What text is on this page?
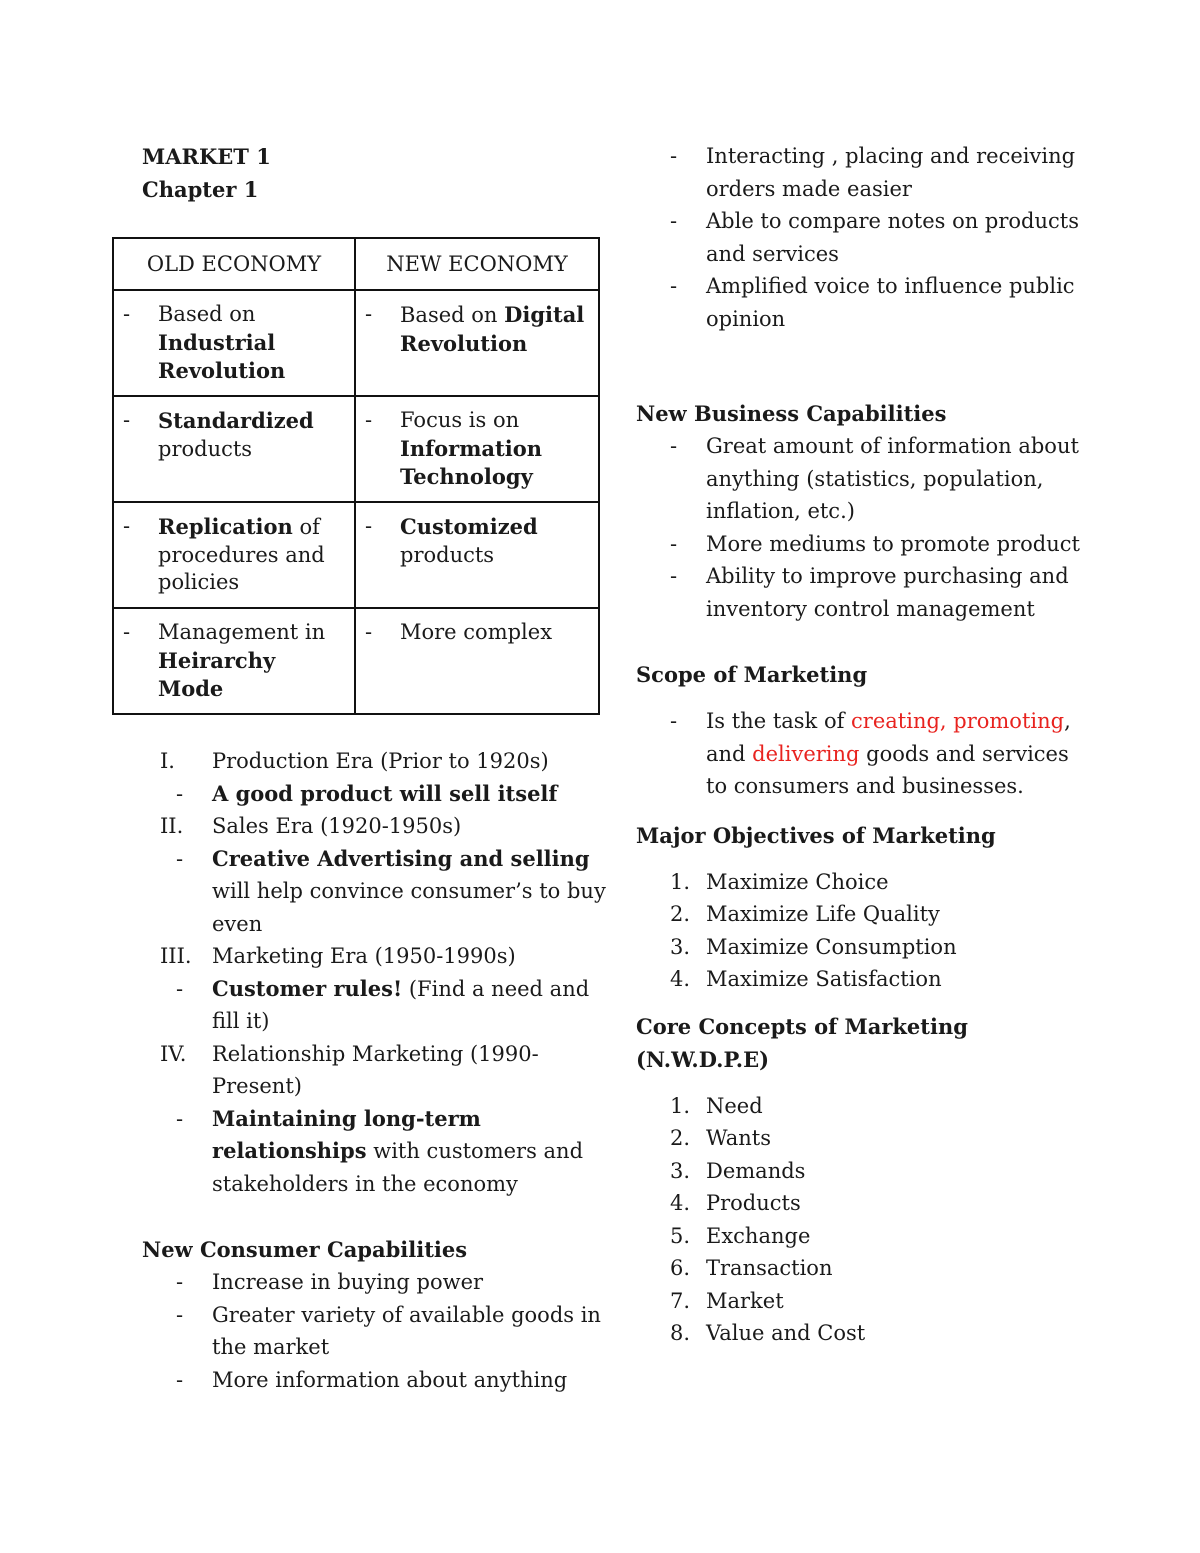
MARKET 1
Chapter 1
OLD ECONOMY	NEW ECONOMY

- Based on Industrial Revolution	- Based on Digital Revolution

- Standardized products	- Focus is on Information Technology

- Replication of procedures and policies	- Customized products

- Management in Heirarchy Mode	- More complex
I.	Production Era (Prior to 1920s)
-	A good product will sell itself
II.	Sales Era (1920-1950s)
-	Creative Advertising and selling will help convince consumer’s to buy even
III. Marketing Era (1950-1990s)
-	Customer rules! (Find a need and fill it)
IV.	Relationship Marketing (1990-Present)
-	Maintaining long-term relationships with customers and stakeholders in the economy
New Consumer Capabilities
-	Increase in buying power
-	Greater variety of available goods in the market
-	More information about anything
-	Interacting , placing and receiving orders made easier
-	Able to compare notes on products and services
-	Amplified voice to influence public opinion
New Business Capabilities
-	Great amount of information about anything (statistics, population, inflation, etc.)
-	More mediums to promote product
-	Ability to improve purchasing and inventory control management
Scope of Marketing
-	Is the task of creating, promoting, and delivering goods and services to consumers and businesses.
Major Objectives of Marketing
1. Maximize Choice
2. Maximize Life Quality
3. Maximize Consumption
4. Maximize Satisfaction
Core Concepts of Marketing
(N.W.D.P.E)
1. Need
2. Wants
3. Demands
4. Products
5. Exchange
6. Transaction
7. Market
8. Value and Cost
